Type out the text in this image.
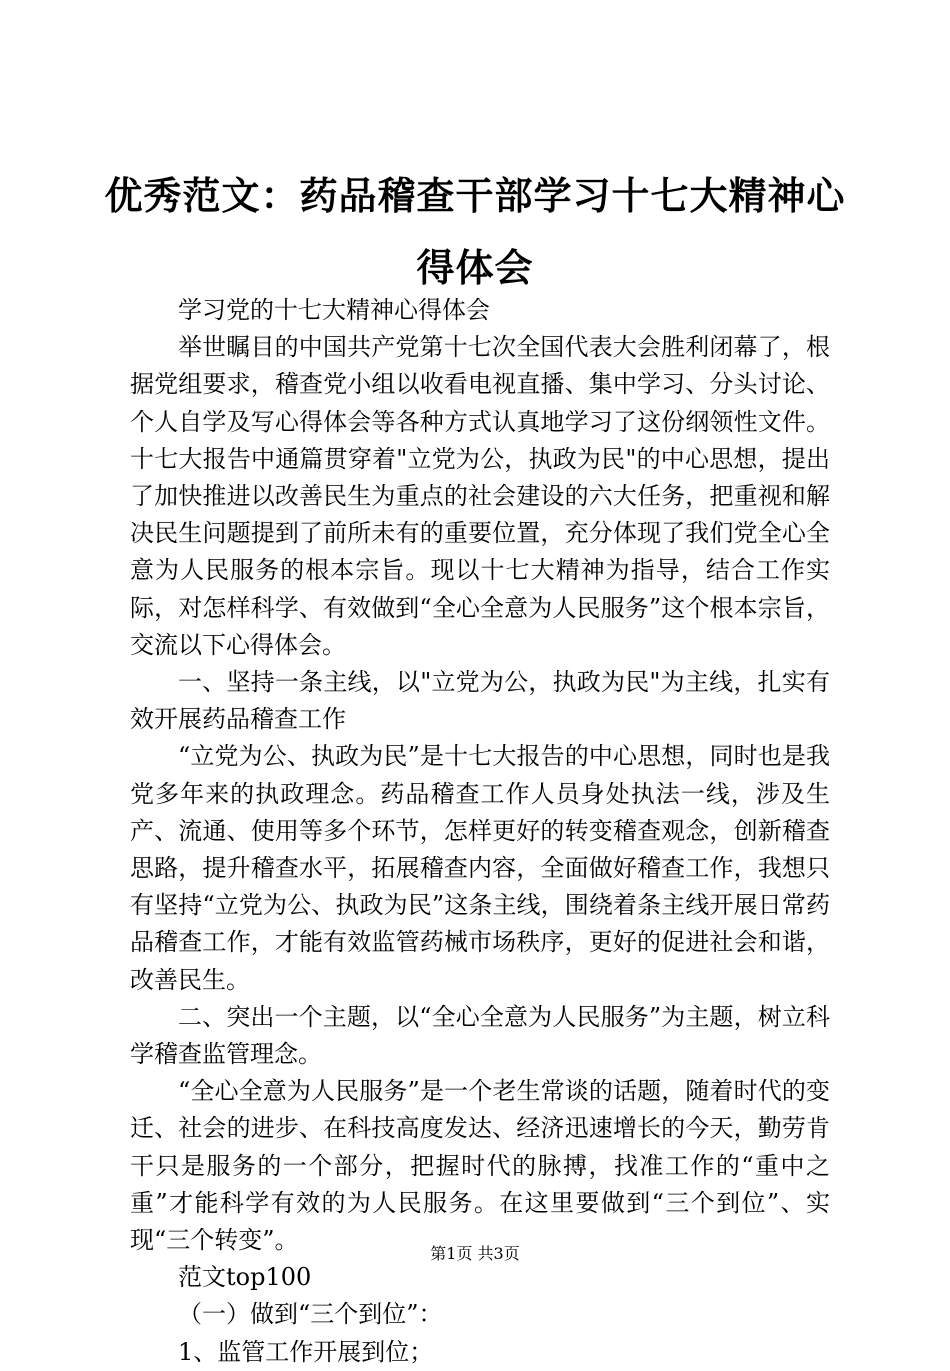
优秀范文：药品稽查干部学习十七大精神心得体会

学习党的十七大精神心得体会

举世瞩目的中国共产党第十七次全国代表大会胜利闭幕了，根据党组要求，稽查党小组以收看电视直播、集中学习、分头讨论、个人自学及写心得体会等各种方式认真地学习了这份纲领性文件。十七大报告中通篇贯穿着"立党为公，执政为民"的中心思想，提出了加快推进以改善民生为重点的社会建设的六大任务，把重视和解决民生问题提到了前所未有的重要位置，充分体现了我们党全心全意为人民服务的根本宗旨。现以十七大精神为指导，结合工作实际，对怎样科学、有效做到“全心全意为人民服务”这个根本宗旨，交流以下心得体会。

一、坚持一条主线，以"立党为公，执政为民"为主线，扎实有效开展药品稽查工作

“立党为公、执政为民”是十七大报告的中心思想，同时也是我党多年来的执政理念。药品稽查工作人员身处执法一线，涉及生产、流通、使用等多个环节，怎样更好的转变稽查观念，创新稽查思路，提升稽查水平，拓展稽查内容，全面做好稽查工作，我想只有坚持“立党为公、执政为民”这条主线，围绕着条主线开展日常药品稽查工作，才能有效监管药械市场秩序，更好的促进社会和谐，改善民生。

二、突出一个主题，以“全心全意为人民服务”为主题，树立科学稽查监管理念。

“全心全意为人民服务”是一个老生常谈的话题，随着时代的变迁、社会的进步、在科技高度发达、经济迅速增长的今天，勤劳肯干只是服务的一个部分，把握时代的脉搏，找准工作的“重中之重”才能科学有效的为人民服务。在这里要做到“三个到位”、实现“三个转变”。

范文top100

（一）做到“三个到位”：

1、监管工作开展到位；

第1页 共3页
